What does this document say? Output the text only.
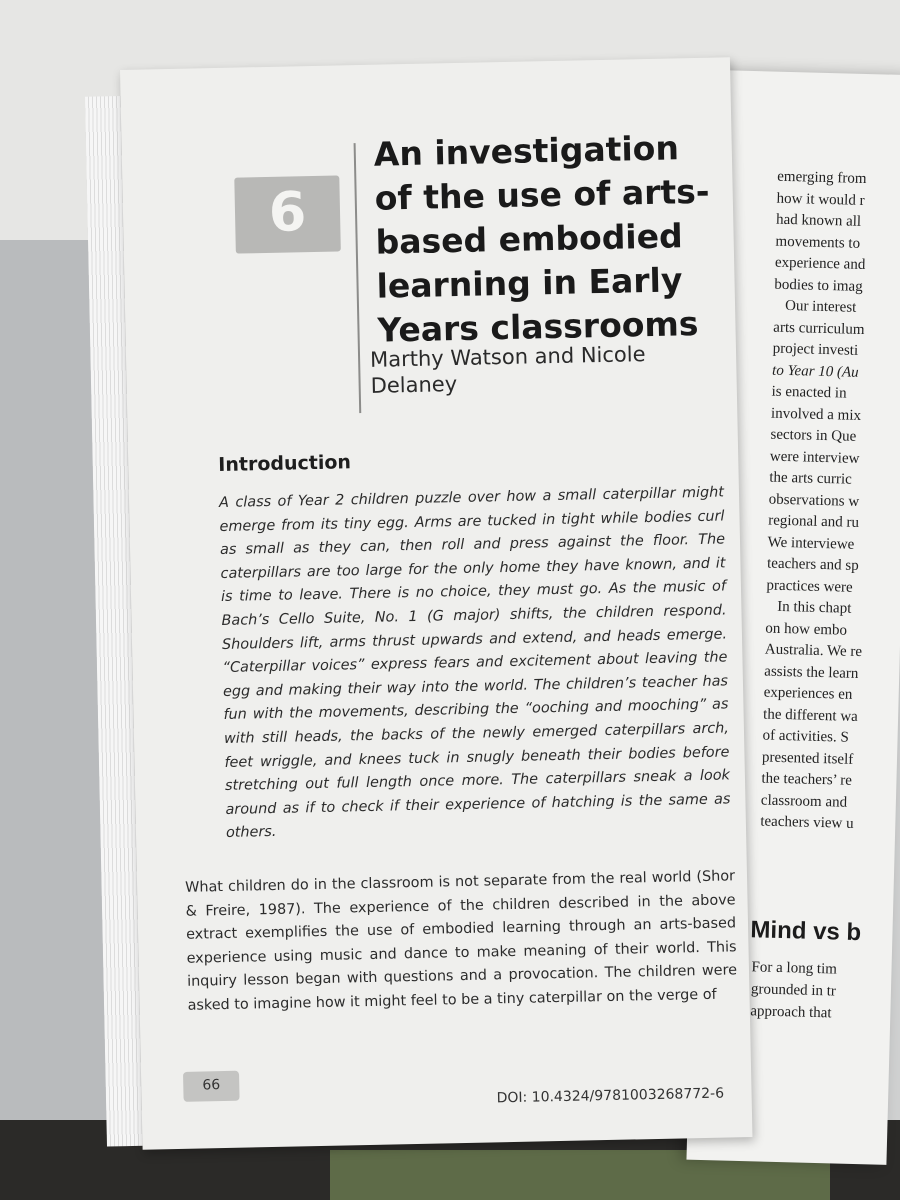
emerging from
how it would r
had known all
movements to
experience and
bodies to imag
Our interest
arts curriculum
project investi
to Year 10 (Au
is enacted in
involved a mix
sectors in Que
were interview
the arts curric
observations w
regional and ru
We interviewe
teachers and sp
practices were
In this chapt
on how embo
Australia. We re
assists the learn
experiences en
the different wa
of activities. S
presented itself
the teachers’ re
classroom and
teachers view u
Mind vs b
For a long tim
grounded in tr
approach that
6
An investigation of the use of arts-based embodied learning in Early Years classrooms
Marthy Watson and Nicole Delaney
Introduction
A class of Year 2 children puzzle over how a small caterpillar might emerge from its tiny egg. Arms are tucked in tight while bodies curl as small as they can, then roll and press against the floor. The caterpillars are too large for the only home they have known, and it is time to leave. There is no choice, they must go. As the music of Bach’s Cello Suite, No. 1 (G major) shifts, the children respond. Shoulders lift, arms thrust upwards and extend, and heads emerge. “Caterpillar voices” express fears and excitement about leaving the egg and making their way into the world. The children’s teacher has fun with the movements, describing the “ooching and mooching” as with still heads, the backs of the newly emerged caterpillars arch, feet wriggle, and knees tuck in snugly beneath their bodies before stretching out full length once more. The caterpillars sneak a look around as if to check if their experience of hatching is the same as others.
What children do in the classroom is not separate from the real world (Shor & Freire, 1987). The experience of the children described in the above extract exemplifies the use of embodied learning through an arts-based experience using music and dance to make meaning of their world. This inquiry lesson began with questions and a provocation. The children were asked to imagine how it might feel to be a tiny caterpillar on the verge of
66
DOI: 10.4324/9781003268772-6
